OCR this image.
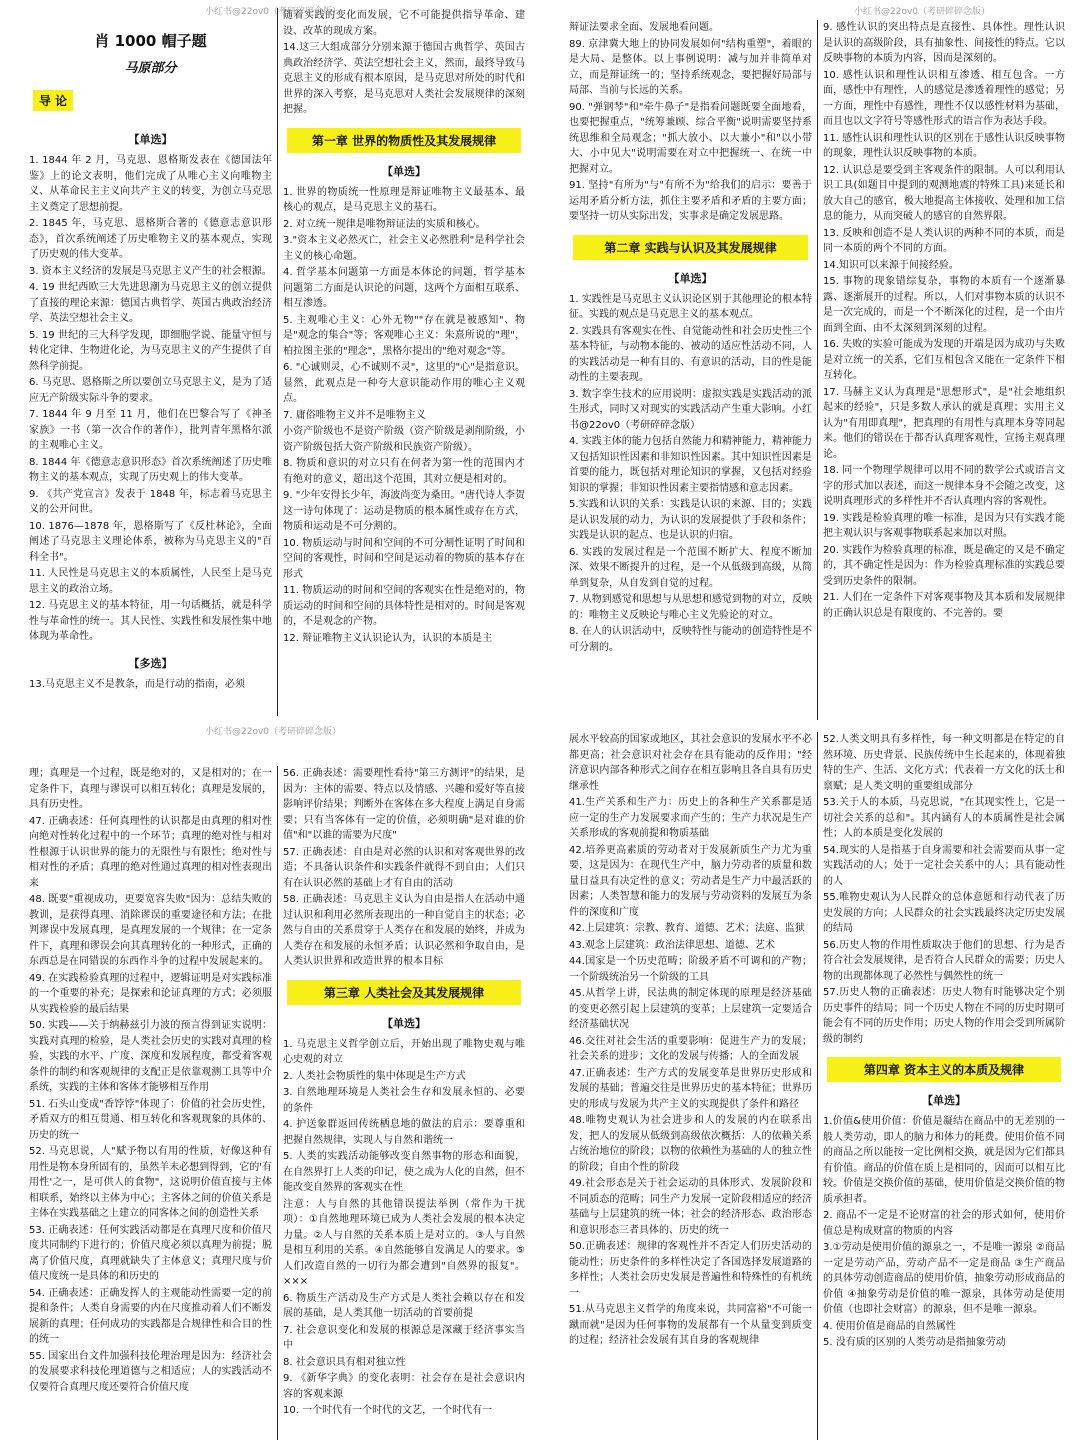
小红书@22ov0（考研碎碎念版）
肖 1000 帽子题
马原部分
导 论
【单选】

1. 1844 年 2 月，马克思、恩格斯发表在《德国法年鉴》上的论文表明，他们完成了从唯心主义向唯物主义、从革命民主主义向共产主义的转变，为创立马克思主义奠定了思想前提。

2. 1845 年，马克思、恩格斯合著的《德意志意识形态》，首次系统阐述了历史唯物主义的基本观点，实现了历史观的伟大变革。

3. 资本主义经济的发展是马克思主义产生的社会根源。

4. 19 世纪西欧三大先进思潮为马克思主义的创立提供了直接的理论来源：德国古典哲学、英国古典政治经济学、英法空想社会主义。

5. 19 世纪的三大科学发现，即细胞学说、能量守恒与转化定律、生物进化论，为马克思主义的产生提供了自然科学前提。

6. 马克思、恩格斯之所以要创立马克思主义，是为了适应无产阶级实际斗争的要求。

7. 1844 年 9 月至 11 月，他们在巴黎合写了《神圣家族》一书（第一次合作的著作），批判青年黑格尔派的主观唯心主义。

8. 1844 年《德意志意识形态》首次系统阐述了历史唯物主义的基本观点，实现了历史观上的伟大变革。

9. 《共产党宣言》发表于 1848 年，标志着马克思主义的公开问世。

10. 1876—1878 年，恩格斯写了《反杜林论》，全面阐述了马克思主义理论体系，被称为马克思主义的"百科全书"。

11. 人民性是马克思主义的本质属性，人民至上是马克思主义的政治立场。

12. 马克思主义的基本特征，用一句话概括，就是科学性与革命性的统一。其人民性、实践性和发展性集中地体现为革命性。

【多选】

13.马克思主义不是教条，而是行动的指南，必须

随着实践的变化而发展，它不可能提供指导革命、建设、改革的现成方案。

14.这三大组成部分分别来源于德国古典哲学、英国古典政治经济学、英法空想社会主义，然而，最终导致马克思主义的形成有根本原因，是马克思对所处的时代和世界的深入考察，是马克思对人类社会发展规律的深刻把握。

第一章 世界的物质性及其发展规律
【单选】

1. 世界的物质统一性原理是辩证唯物主义最基本、最核心的观点，是马克思主义的基石。

2. 对立统一规律是唯物辩证法的实质和核心。

3."资本主义必然灭亡，社会主义必然胜利"是科学社会主义的核心命题。

4. 哲学基本问题第一方面是本体论的问题，哲学基本问题第二方面是认识论的问题，这两个方面相互联系、相互渗透。

5. 主观唯心主义：心外无物""存在就是被感知"、物是"观念的集合"等；客观唯心主义：朱熹所说的"理"，柏拉图主张的"理念"，黑格尔提出的"绝对观念"等。

6. "心诚则灵，心不诚则不灵"，这里的"心"是指意识。显然，此观点是一种夸大意识能动作用的唯心主义观点。

7. 庸俗唯物主义并不是唯物主义

小资产阶级也不是资产阶级（资产阶级是剥削阶级，小资产阶级包括大资产阶级和民族资产阶级）。

8. 物质和意识的对立只有在何者为第一性的范围内才有绝对的意义，超出这个范围，其对立便是相对的。

9. "少年安得长少年，海波尚变为桑田。"唐代诗人李贺这一诗句体现了：运动是物质的根本属性或存在方式，物质和运动是不可分割的。

10. 物质运动与时间和空间的不可分割性证明了时间和空间的客观性，时间和空间是运动着的物质的基本存在形式

11. 物质运动的时间和空间的客观实在性是绝对的，物质运动的时间和空间的具体特性是相对的。时间是客观的，不是观念的产物。

12. 辩证唯物主义认识论认为，认识的本质是主

小红书@22ov0（考研碎碎念版）

辩证法要求全面、发展地看问题。

89. 京津冀大地上的协同发展如何"结构重塑"，着眼的是大局、是整体。以上事例说明：减与加并非简单对立，而是辩证统一的；坚持系统观念，要把握好局部与局部、当前与长远的关系。

90. "弹钢琴"和"牵牛鼻子"是指看问题既要全面地看，也要把握重点，"统筹兼顾、综合平衡"说明需要坚持系统思维和全局观念；"抓大放小、以大兼小"和"以小带大、小中见大"说明需要在对立中把握统一、在统一中把握对立。

91. 坚持"有所为"与"有所不为"给我们的启示：要善于运用矛盾分析方法，抓住主要矛盾和矛盾的主要方面；要坚持一切从实际出发，实事求是确定发展思路。

第二章 实践与认识及其发展规律
【单选】

1. 实践性是马克思主义认识论区别于其他理论的根本特征。实践的观点是马克思主义的基本观点。

2. 实践具有客观实在性、自觉能动性和社会历史性三个基本特征，与动物本能的、被动的适应性活动不同，人的实践活动是一种有目的、有意识的活动，目的性是能动性的主要表现。

3. 数字孪生技术的应用说明：虚拟实践是实践活动的派生形式，同时又对现实的实践活动产生重大影响。小红书@22ov0（考研碎碎念版）

4. 实践主体的能力包括自然能力和精神能力，精神能力又包括知识性因素和非知识性因素。其中知识性因素是首要的能力，既包括对理论知识的掌握，又包括对经验知识的掌握；非知识性因素主要指情感和意志因素。

5.实践和认识的关系：实践是认识的来源、目的；实践是认识发展的动力，为认识的发展提供了手段和条件；实践是认识的起点、也是认识的归宿。

6. 实践的发展过程是一个范围不断扩大、程度不断加深、效果不断提升的过程，是一个从低级到高级，从简单到复杂，从自发到自觉的过程。

7. 从物到感觉和思想与从思想和感觉到物的对立，反映的：唯物主义反映论与唯心主义先验论的对立。

8. 在人的认识活动中，反映特性与能动的创造特性是不可分割的。

9. 感性认识的突出特点是直接性、具体性。理性认识是认识的高级阶段，具有抽象性、间接性的特点。它以反映事物的本质为内容，因而是深刻的。

10. 感性认识和理性认识相互渗透、相互包含。一方面，感性中有理性，人的感觉是渗透着理性的感觉；另一方面，理性中有感性，理性不仅以感性材料为基础，而且也以文字符号等感性形式的语言作为表达手段。

11. 感性认识和理性认识的区别在于感性认识反映事物的现象，理性认识反映事物的本质。

12. 认识总是要受到主客观条件的限制。人可以利用认识工具(如题目中提到的观测地震的特殊工具)来延长和放大自己的感官，极大地提高主体接收、处理和加工信息的能力，从而突破人的感官的自然界限。

13. 反映和创造不是人类认识的两种不同的本质，而是同一本质的两个不同的方面。

14.知识可以来源于间接经验。

15. 事物的现象错综复杂，事物的本质有一个逐渐暴露、逐渐展开的过程。所以，人们对事物本质的认识不是一次完成的，而是一个不断深化的过程，是一个由片面到全面、由不太深刻到深刻的过程。

16. 失败的实验可能成为发现的开端是因为成功与失败是对立统一的关系，它们互相包含又能在一定条件下相互转化。

17. 马赫主义认为真理是"思想形式"，是"社会地组织起来的经验"，只是多数人承认的就是真理；实用主义认为"有用即真理"，把真理的有用性与真理本身等同起来。他们的错误在于都否认真理客观性，宣扬主观真理论。

18. 同一个物理学规律可以用不同的数学公式或语言文字的形式加以表述，而这一规律本身不会随之改变，这说明真理形式的多样性并不否认真理内容的客观性。

19. 实践是检验真理的唯一标准，是因为只有实践才能把主观认识与客观事物联系起来加以对照。

20. 实践作为检验真理的标准，既是确定的又是不确定的，其不确定性是因为：作为检验真理标准的实践总要受到历史条件的限制。

21. 人们在一定条件下对客观事物及其本质和发展规律的正确认识总是有限度的、不完善的。要

小红书@22ov0（考研碎碎念版）

理；真理是一个过程，既是绝对的，又是相对的；在一定条件下，真理与谬误可以相互转化；真理是发展的，具有历史性。

47. 正确表述：任何真理性的认识都是由真理的相对性向绝对性转化过程中的一个环节；真理的绝对性与相对性根源于认识世界的能力的无限性与有限性；绝对性与相对性的矛盾；真理的绝对性通过真理的相对性表现出来

48. 既要"重视成功，更要宽容失败"因为：总结失败的教训，是获得真理、消除谬误的重要途径和方法；在批判谬误中发展真理，是真理发展的一个规律；在一定条件下，真理和谬误会向其真理转化的一种形式，正确的东西总是在同错误的东西作斗争的过程中发展起来的。

49. 在实践检验真理的过程中，逻辑证明是对实践标准的一个重要的补充；是探索和论证真理的方式；必须服从实践检验的最后结果

50. 实践——关于纳赫兹引力波的预言得到证实说明：实践对真理的检验，是人类社会历史的实践对真理的检验，实践的水平、广度、深度和发展程度，都受着客观条件的制约和客观规律的支配正是依靠观测工具等中介系统，实践的主体和客体才能够相互作用

51. 石头山变成"香饽饽"体现了：价值的社会历史性，矛盾双方的相互贯通、相互转化和客观现象的具体的、历史的统一

52. 马克思说，人"赋予物以有用的性质，好像这种有用性是物本身所固有的，虽然羊未必想到得到，它的'有用性'之一，是可供人的食物"，这说明价值直接与主体相联系，始终以主体为中心；主客体之间的价值关系是主体在实践基础之上建立的同客体之间的创造性关系

53. 正确表述：任何实践活动都是在真理尺度和价值尺度共同制约下进行的；价值尺度必须以真理为前提；脱离了价值尺度，真理就缺失了主体意义；真理尺度与价值尺度统一是具体的和历史的

54. 正确表述：正确发挥人的主观能动性需要一定的前提和条件；人类自身需要的内在尺度推动着人们不断发展新的真理；任何成功的实践都是合规律性和合目的性的统一

55. 国家出台文件加强科技伦理治理是因为：经济社会的发展要求科技伦理道德与之相适应；人的实践活动不仅要符合真理尺度还要符合价值尺度

56. 正确表述：需要理性看待"第三方测评"的结果，是因为：主体的需要、特点以及情感、兴趣和爱好等直接影响评价结果；判断外在客体在多大程度上满足自身需要；只有当客体有一定的价值，必须明确"是对谁的价值"和"以谁的需要为尺度"

57. 正确表述：自由是对必然的认识和对客观世界的改造；不具备认识条件和实践条件就得不到自由；人们只有在认识必然的基础上才有自由的活动

58. 正确表述：马克思主义认为自由是指人在活动中通过认识和利用必然所表现出的一种自觉自主的状态；必然与自由的关系贯穿于人类存在和发展的始终，并成为人类存在和发展的永恒矛盾；认识必然和争取自由，是人类认识世界和改造世界的根本目标

第三章 人类社会及其发展规律
【单选】

1. 马克思主义哲学创立后，开始出现了唯物史观与唯心史观的对立

2. 人类社会物质性的集中体现是生产方式

3. 自然地理环境是人类社会生存和发展永恒的、必要的条件

4. 护送象群返回传统栖息地的做法的启示：要尊重和把握自然规律，实现人与自然和谐统一

5. 人类的实践活动能够改变自然事物的形态和面貌，在自然界打上人类的印记，使之成为人化的自然，但不能改变自然界的客观实在性

注意：人与自然的其他错误提法举例（常作为干扰项）：①自然地理环境已成为人类社会发展的根本决定力量。②人与自然的关系本质上是对立的。③人与自然是相互利用的关系。④自然能够自发满足人的要求。⑤人们改造自然的一切行为都会遭到"自然界的报复"。×××

6. 物质生产活动及生产方式是人类社会赖以存在和发展的基础，是人类其他一切活动的首要前提

7. 社会意识变化和发展的根源总是深藏于经济事实当中

8. 社会意识具有相对独立性

9. 《新华字典》的变化表明：社会存在是社会意识内容的客观来源

10. 一个时代有一个时代的文艺，一个时代有一

展水平较高的国家或地区，其社会意识的发展水平不必都更高；社会意识对社会存在具有能动的反作用；"经济意识内部各种形式之间存在相互影响且各自具有历史继承性

41.生产关系和生产力：历史上的各种生产关系都是适应一定的生产力发展要求而产生的；生产力状况是生产关系形成的客观前提和物质基础

42.培养更高素质的劳动者对于发展新质生产力尤为重要，这是因为：在现代生产中，脑力劳动者的质量和数量日益具有决定性的意义；劳动者是生产力中最活跃的因素；人类智慧和能力的发展与劳动资料的发展互为条件的深度和广度

42.上层建筑：宗教、教育、道德、艺术；法庭、监狱

43.观念上层建筑：政治法律思想、道德、艺术

44.国家是一个历史范畴；阶级矛盾不可调和的产物；一个阶级统治另一个阶级的工具

45.从哲学上讲，民法典的制定体现的原理是经济基础的变更必然引起上层建筑的变革；上层建筑一定要适合经济基础状况

46.交往对社会生活的重要影响：促进生产力的发展；社会关系的进步；文化的发展与传播；人的全面发展

47.正确表述：生产方式的发展变革是世界历史形成和发展的基础；普遍交往是世界历史的基本特征；世界历史的形成与发展为共产主义的实现提供了条件和路径

48.唯物史观认为社会进步和人的发展的内在联系出发，把人的发展从低级到高级依次概括：人的依赖关系占统治地位的阶段；以物的依赖性为基础的人的独立性的阶段；自由个性的阶段

49.社会形态是关于社会运动的具体形式、发展阶段和不同质态的范畴；同生产力发展一定阶段相适应的经济基础与上层建筑的统一体；社会的经济形态、政治形态和意识形态三者具体的、历史的统一

50.正确表述：规律的客观性并不否定人们历史活动的能动性；历史条件的多样性决定了各国选择发展道路的多样性；人类社会历史发展是普遍性和特殊性的有机统一

51.从马克思主义哲学的角度来说，共同富裕"不可能一蹴而就"是因为任何事物的发展都有一个从量变到质变的过程；经济社会发展有其自身的客观规律

52.人类文明具有多样性，每一种文明都是在特定的自然环境、历史背景、民族传统中生长起来的，体现着独特的生产、生活、文化方式；代表着一方文化的沃土和禀赋；是人类文明的重要组成部分

53.关于人的本质，马克思说，"在其现实性上，它是一切社会关系的总和"。其内涵有人的本质属性是社会属性；人的本质是变化发展的

54.现实的人是指基于自身需要和社会需要而从事一定实践活动的人；处于一定社会关系中的人；具有能动性的人

55.唯物史观认为人民群众的总体意愿和行动代表了历史发展的方向；人民群众的社会实践最终决定历史发展的结局

56.历史人物的作用性质取决于他们的思想、行为是否符合社会发展规律，是否符合人民群众的需要；历史人物的出现都体现了必然性与偶然性的统一

57.历史人物的正确表述：历史人物有时能够决定个别历史事件的结局；同一个历史人物在不同的历史时期可能会有不同的历史作用；历史人物的作用会受到所属阶级的制约

第四章 资本主义的本质及规律
【单选】

1.价值&使用价值：价值是凝结在商品中的无差别的一般人类劳动，即人的脑力和体力的耗费。使用价值不同的商品之所以能按一定比例相交换，就是因为它们都具有价值。商品的价值在质上是相同的，因而可以相互比较。价值是交换价值的基础，使用价值是交换价值的物质承担者。

2. 商品不一定是不论财富的社会的形式如何，使用价值总是构成财富的物质的内容

3.①劳动是使用价值的源泉之一，不是唯一源泉 ②商品一定是劳动产品，劳动产品不一定是商品 ③生产商品的具体劳动创造商品的使用价值，抽象劳动形成商品的价值 ④抽象劳动是价值的唯一源泉，具体劳动是使用价值（也即社会财富）的源泉，但不是唯一源泉。

4. 使用价值是商品的自然属性

5. 没有质的区别的人类劳动是指抽象劳动
